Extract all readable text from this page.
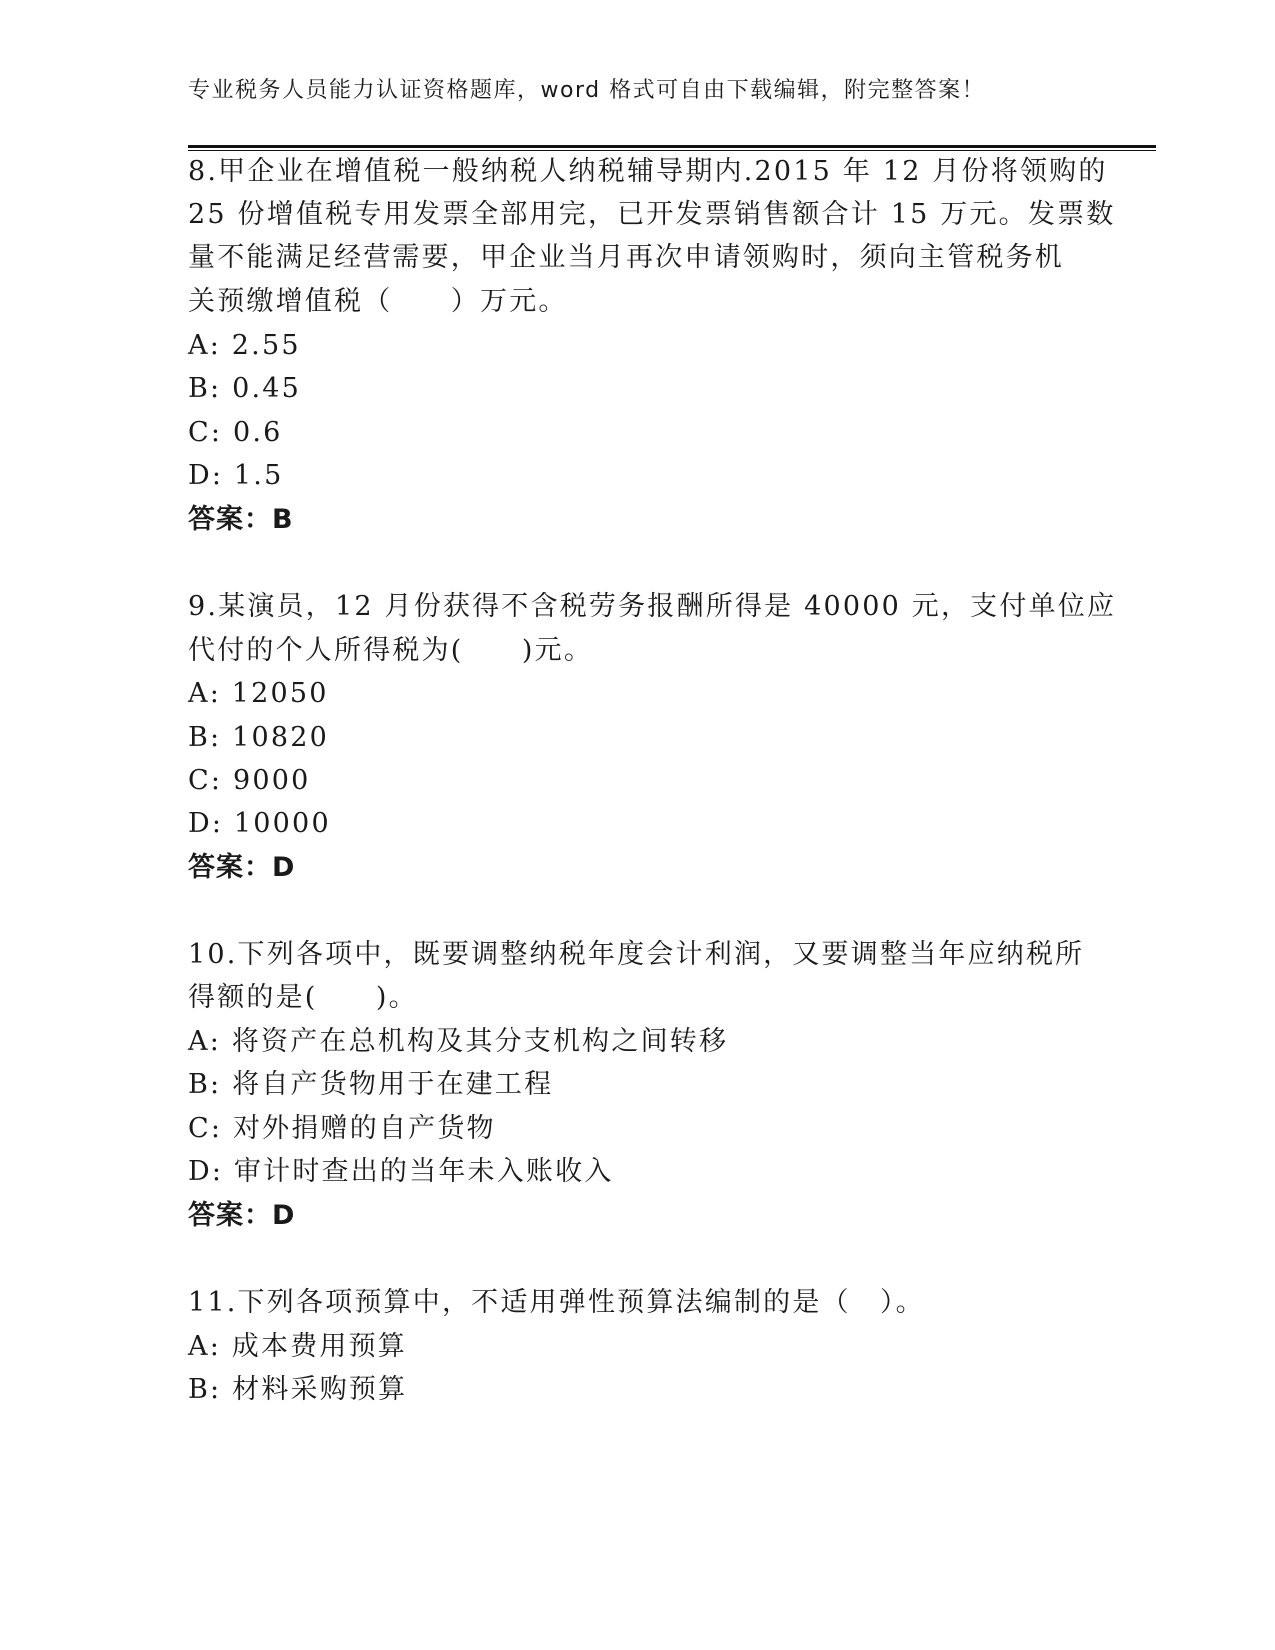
专业税务人员能力认证资格题库，word 格式可自由下载编辑，附完整答案！
8.甲企业在增值税一般纳税人纳税辅导期内.2015 年 12 月份将领购的
25 份增值税专用发票全部用完，已开发票销售额合计 15 万元。发票数
量不能满足经营需要，甲企业当月再次申请领购时，须向主管税务机
关预缴增值税（　　）万元。
A: 2.55
B: 0.45
C: 0.6
D: 1.5
答案：B
9.某演员，12 月份获得不含税劳务报酬所得是 40000 元，支付单位应
代付的个人所得税为(　　)元。
A: 12050
B: 10820
C: 9000
D: 10000
答案：D
10.下列各项中，既要调整纳税年度会计利润，又要调整当年应纳税所
得额的是(　　)。
A: 将资产在总机构及其分支机构之间转移
B: 将自产货物用于在建工程
C: 对外捐赠的自产货物
D: 审计时查出的当年未入账收入
答案：D
11.下列各项预算中，不适用弹性预算法编制的是（　）。
A: 成本费用预算
B: 材料采购预算
